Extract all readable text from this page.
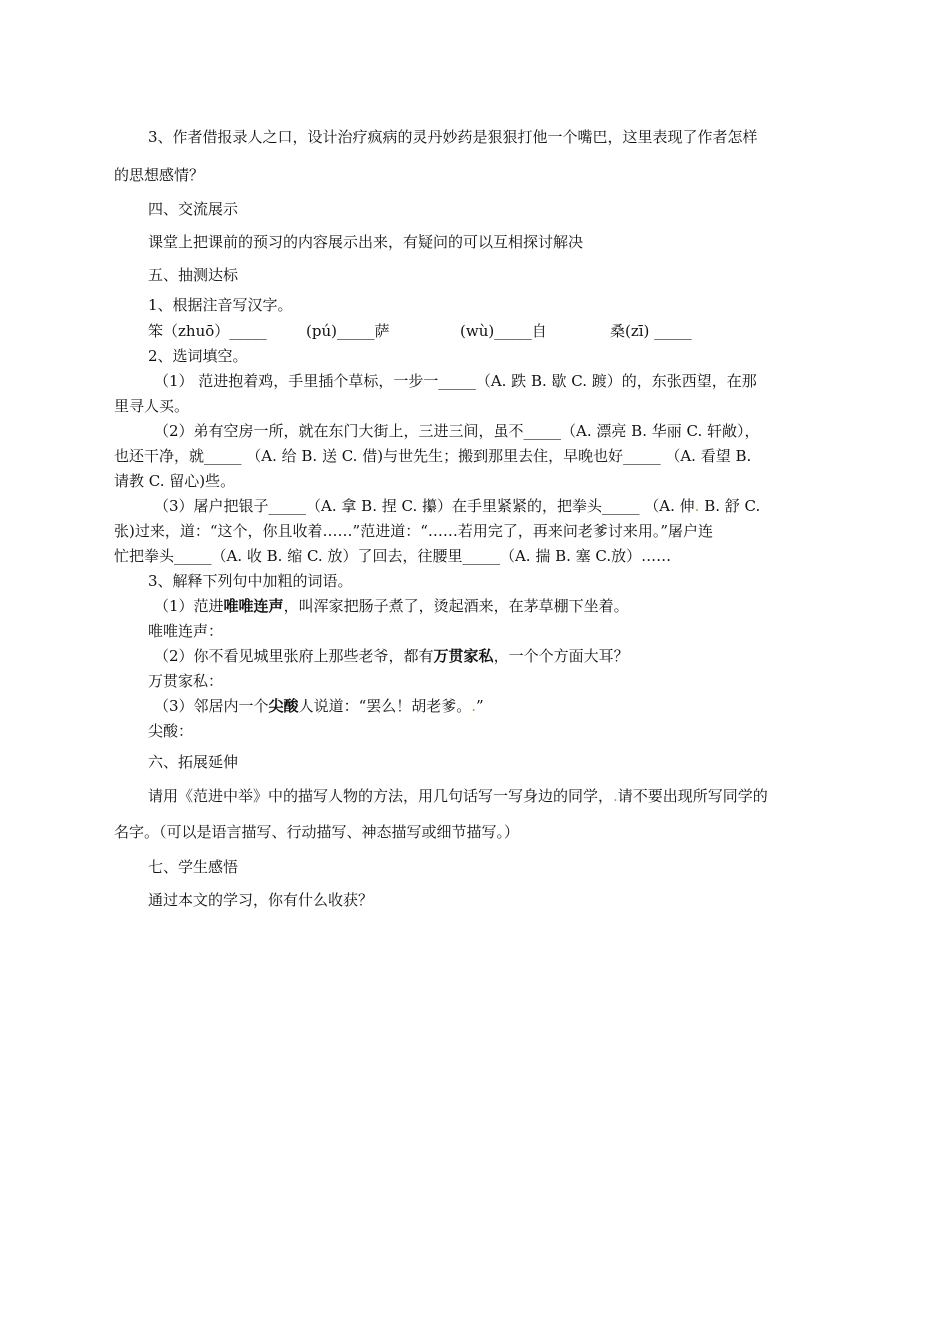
3、作者借报录人之口，设计治疗疯病的灵丹妙药是狠狠打他一个嘴巴，这里表现了作者怎样
的思想感情？
四、交流展示
课堂上把课前的预习的内容展示出来，有疑问的可以互相探讨解决
五、抽测达标
1、根据注音写汉字。
笨（zhuō）_____	(pú)_____萨	(wù)_____自	桑(zī) _____
2、选词填空。
（1） 范进抱着鸡，手里插个草标，一步一_____（A. 跌 B. 歇 C. 踱）的，东张西望，在那
里寻人买。
（2）弟有空房一所，就在东门大街上，三进三间，虽不_____（A. 漂亮 B. 华丽 C. 轩敞），
也还干净，就_____ （A. 给 B. 送 C. 借)与世先生；搬到那里去住，早晚也好_____ （A. 看望 B.
请教 C. 留心)些。
（3）屠户把银子_____（A. 拿 B. 捏 C. 攥）在手里紧紧的，把拳头_____ （A. 伸. B. 舒 C.
张)过来，道：“这个，你且收着……”范进道：“……若用完了，再来问老爹讨来用。”屠户连
忙把拳头_____（A. 收 B. 缩 C. 放）了回去，往腰里_____（A. 揣 B. 塞 C.放）……
3、解释下列句中加粗的词语。
（1）范进唯唯连声，叫浑家把肠子煮了，烫起酒来，在茅草棚下坐着。
唯唯连声：
（2）你不看见城里张府上那些老爷，都有万贯家私，一个个方面大耳？
万贯家私：
（3）邻居内一个尖酸人说道：“罢么！胡老爹。.”
尖酸：
六、拓展延伸
请用《范进中举》中的描写人物的方法，用几句话写一写身边的同学，.请不要出现所写同学的
名字。（可以是语言描写、行动描写、神态描写或细节描写。）
七、学生感悟
通过本文的学习，你有什么收获？
